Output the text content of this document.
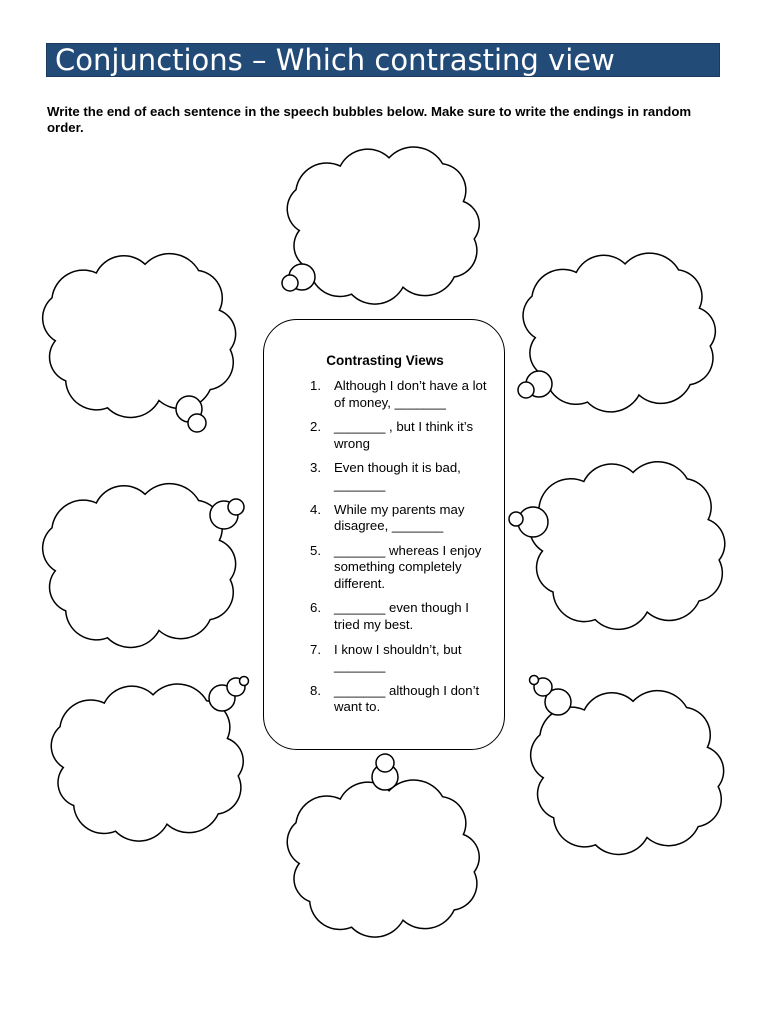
Conjunctions – Which contrasting view
Write the end of each sentence in the speech bubbles below. Make sure to write the endings in random order.
Contrasting Views
1. Although I don’t have a lot of money, _______
2. _______ , but I think it’s wrong
3. Even though it is bad, _______
4. While my parents may disagree, _______
5. _______ whereas I enjoy something completely different.
6. _______ even though I tried my best.
7. I know I shouldn’t, but _______
8. _______ although I don’t want to.
